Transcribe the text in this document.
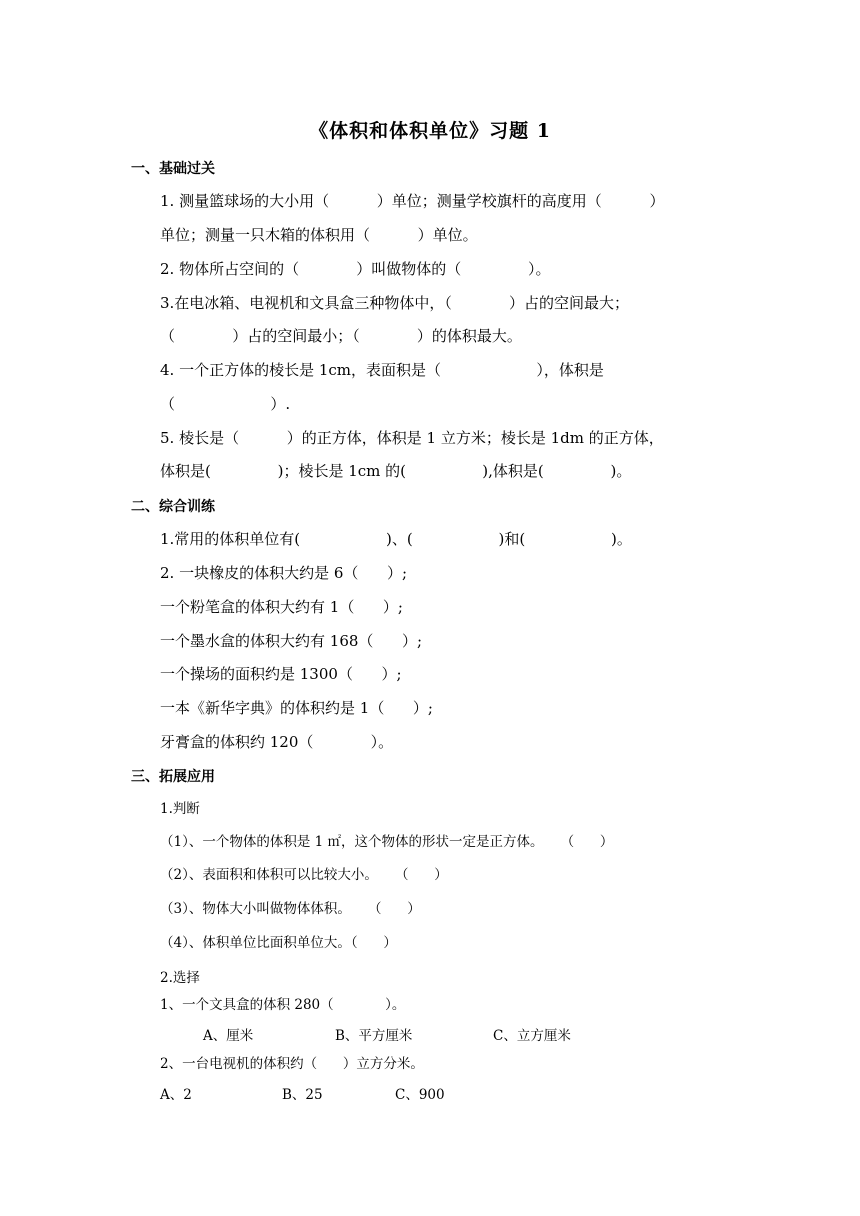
《体积和体积单位》习题 1
一、基础过关
1. 测量篮球场的大小用（          ）单位；测量学校旗杆的高度用（          ）
单位；测量一只木箱的体积用（          ）单位。
2. 物体所占空间的（            ）叫做物体的（              ）。
3.在电冰箱、电视机和文具盒三种物体中，（            ）占的空间最大；
（            ）占的空间最小；（            ）的体积最大。
4. 一个正方体的棱长是 1cm，表面积是（                    ），体积是
（                    ）.
5. 棱长是（          ）的正方体，体积是 1 立方米；棱长是 1dm 的正方体，
体积是(              )；棱长是 1cm 的(                ),体积是(              )。
二、综合训练
1.常用的体积单位有(                  )、(                  )和(                  )。
2. 一块橡皮的体积大约是 6（      ）;
一个粉笔盒的体积大约有 1（      ）;
一个墨水盒的体积大约有 168（      ）;
一个操场的面积约是 1300（      ）;
一本《新华字典》的体积约是 1（      ）;
牙膏盒的体积约 120（            ）。
三、拓展应用
1.判断
（1）、一个物体的体积是 1 ㎡，这个物体的形状一定是正方体。    （      ）
（2）、表面积和体积可以比较大小。    （      ）
（3）、物体大小叫做物体体积。    （      ）
（4）、体积单位比面积单位大。（      ）
2.选择
1、一个文具盒的体积 280（            ）。
A、厘米	B、平方厘米	C、立方厘米
2、一台电视机的体积约（      ）立方分米。
A、2	B、25	C、900
